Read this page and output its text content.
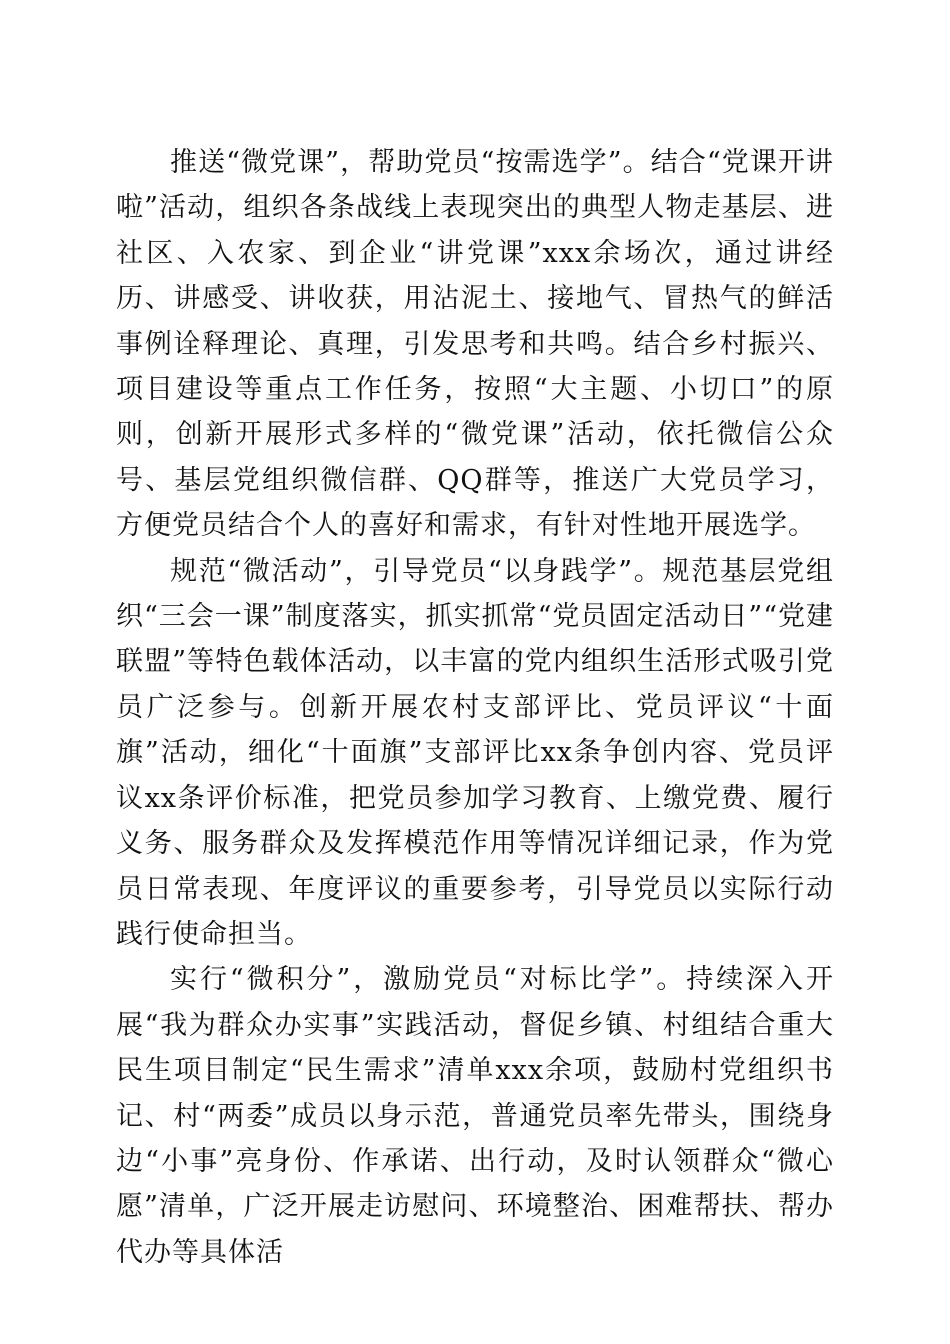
推送“微党课”，帮助党员“按需选学”。结合“党课开讲啦”活动，组织各条战线上表现突出的典型人物走基层、进社区、入农家、到企业“讲党课”xxx余场次，通过讲经历、讲感受、讲收获，用沾泥土、接地气、冒热气的鲜活事例诠释理论、真理，引发思考和共鸣。结合乡村振兴、项目建设等重点工作任务，按照“大主题、小切口”的原则，创新开展形式多样的“微党课”活动，依托微信公众号、基层党组织微信群、QQ群等，推送广大党员学习，方便党员结合个人的喜好和需求，有针对性地开展选学。

规范“微活动”，引导党员“以身践学”。规范基层党组织“三会一课”制度落实，抓实抓常“党员固定活动日”“党建联盟”等特色载体活动，以丰富的党内组织生活形式吸引党员广泛参与。创新开展农村支部评比、党员评议“十面旗”活动，细化“十面旗”支部评比xx条争创内容、党员评议xx条评价标准，把党员参加学习教育、上缴党费、履行义务、服务群众及发挥模范作用等情况详细记录，作为党员日常表现、年度评议的重要参考，引导党员以实际行动践行使命担当。

实行“微积分”，激励党员“对标比学”。持续深入开展“我为群众办实事”实践活动，督促乡镇、村组结合重大民生项目制定“民生需求”清单xxx余项，鼓励村党组织书记、村“两委”成员以身示范，普通党员率先带头，围绕身边“小事”亮身份、作承诺、出行动，及时认领群众“微心愿”清单，广泛开展走访慰问、环境整治、困难帮扶、帮办代办等具体活
